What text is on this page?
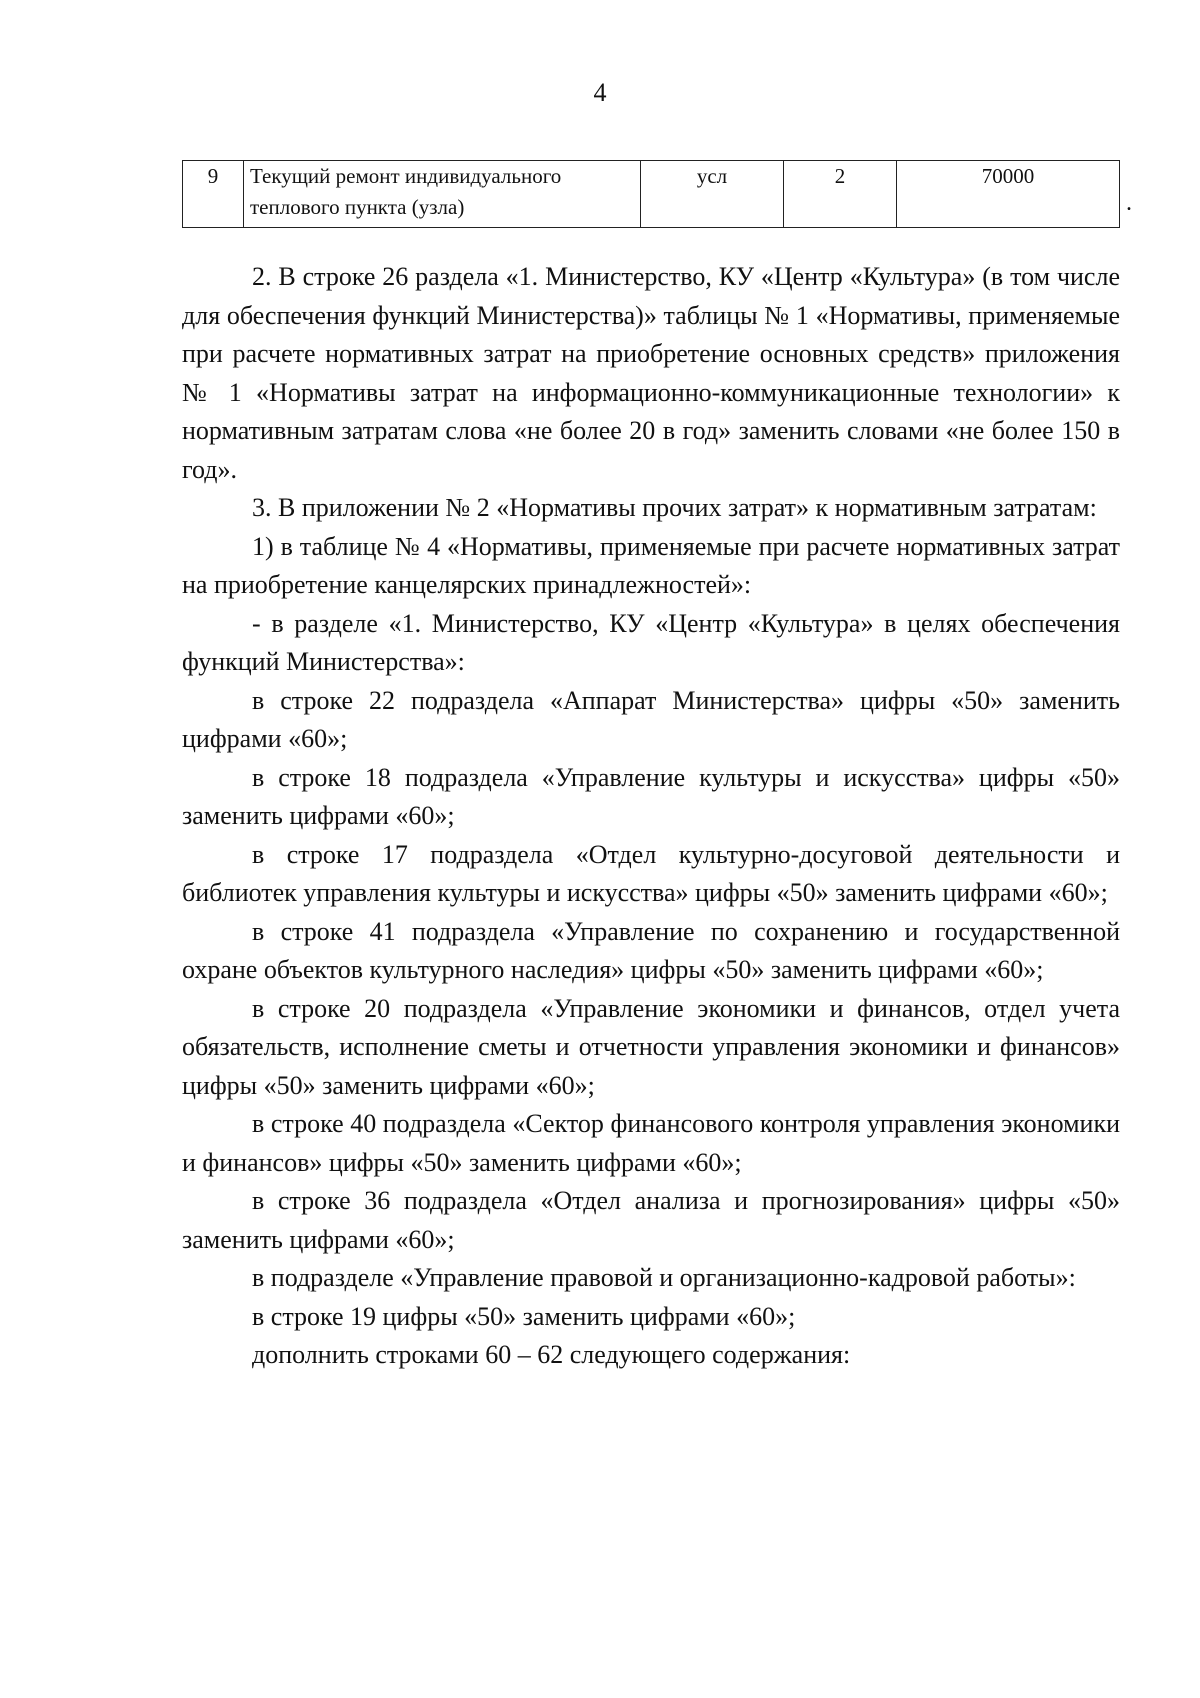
4
9	Текущий ремонт индивидуального теплового пункта (узла)	усл	2	70000
.

2. В строке 26 раздела «1. Министерство, КУ «Центр «Культура» (в том числе для обеспечения функций Министерства)» таблицы № 1 «Нормативы, применяемые при расчете нормативных затрат на приобретение основных средств» приложения № 1 «Нормативы затрат на информационно-коммуникационные технологии» к нормативным затратам слова «не более 20 в год» заменить словами «не более 150 в год».

3. В приложении № 2 «Нормативы прочих затрат» к нормативным затратам:

1) в таблице № 4 «Нормативы, применяемые при расчете нормативных затрат на приобретение канцелярских принадлежностей»:

- в разделе «1. Министерство, КУ «Центр «Культура» в целях обеспечения функций Министерства»:

в строке 22 подраздела «Аппарат Министерства» цифры «50» заменить цифрами «60»;

в строке 18 подраздела «Управление культуры и искусства» цифры «50» заменить цифрами «60»;

в строке 17 подраздела «Отдел культурно-досуговой деятельности и библиотек управления культуры и искусства» цифры «50» заменить цифрами «60»;

в строке 41 подраздела «Управление по сохранению и государственной охране объектов культурного наследия» цифры «50» заменить цифрами «60»;

в строке 20 подраздела «Управление экономики и финансов, отдел учета обязательств, исполнение сметы и отчетности управления экономики и финансов» цифры «50» заменить цифрами «60»;

в строке 40 подраздела «Сектор финансового контроля управления экономики и финансов» цифры «50» заменить цифрами «60»;

в строке 36 подраздела «Отдел анализа и прогнозирования» цифры «50» заменить цифрами «60»;

в подразделе «Управление правовой и организационно-кадровой работы»:

в строке 19 цифры «50» заменить цифрами «60»;

дополнить строками 60 – 62 следующего содержания:
